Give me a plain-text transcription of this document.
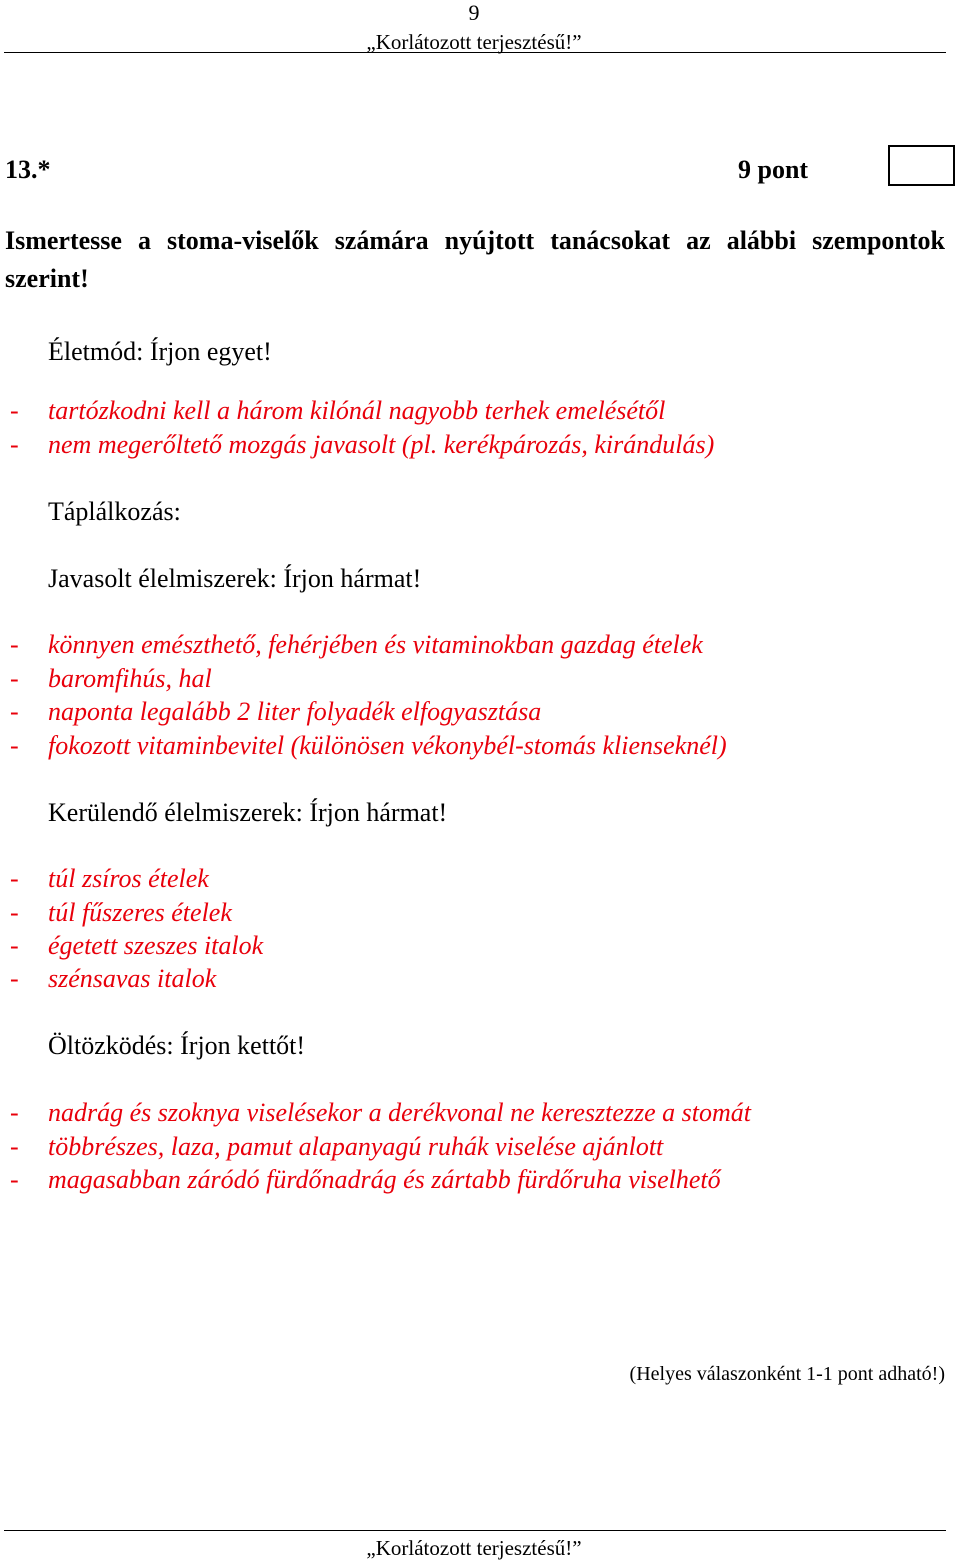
9
„Korlátozott terjesztésű!”
13.*	9 pont
Ismertesse a stoma-viselők számára nyújtott tanácsokat az alábbi szempontok szerint!
Életmód: Írjon egyet!
- tartózkodni kell a három kilónál nagyobb terhek emelésétől
- nem megerőltető mozgás javasolt (pl. kerékpározás, kirándulás)
Táplálkozás:
Javasolt élelmiszerek: Írjon hármat!
- könnyen emészthető, fehérjében és vitaminokban gazdag ételek
- baromfihús, hal
- naponta legalább 2 liter folyadék elfogyasztása
- fokozott vitaminbevitel (különösen vékonybél-stomás klienseknél)
Kerülendő élelmiszerek: Írjon hármat!
- túl zsíros ételek
- túl fűszeres ételek
- égetett szeszes italok
- szénsavas italok
Öltözködés: Írjon kettőt!
- nadrág és szoknya viselésekor a derékvonal ne keresztezze a stomát
- többrészes, laza, pamut alapanyagú ruhák viselése ajánlott
- magasabban záródó fürdőnadrág és zártabb fürdőruha viselhető
(Helyes válaszonként 1-1 pont adható!)
„Korlátozott terjesztésű!”
